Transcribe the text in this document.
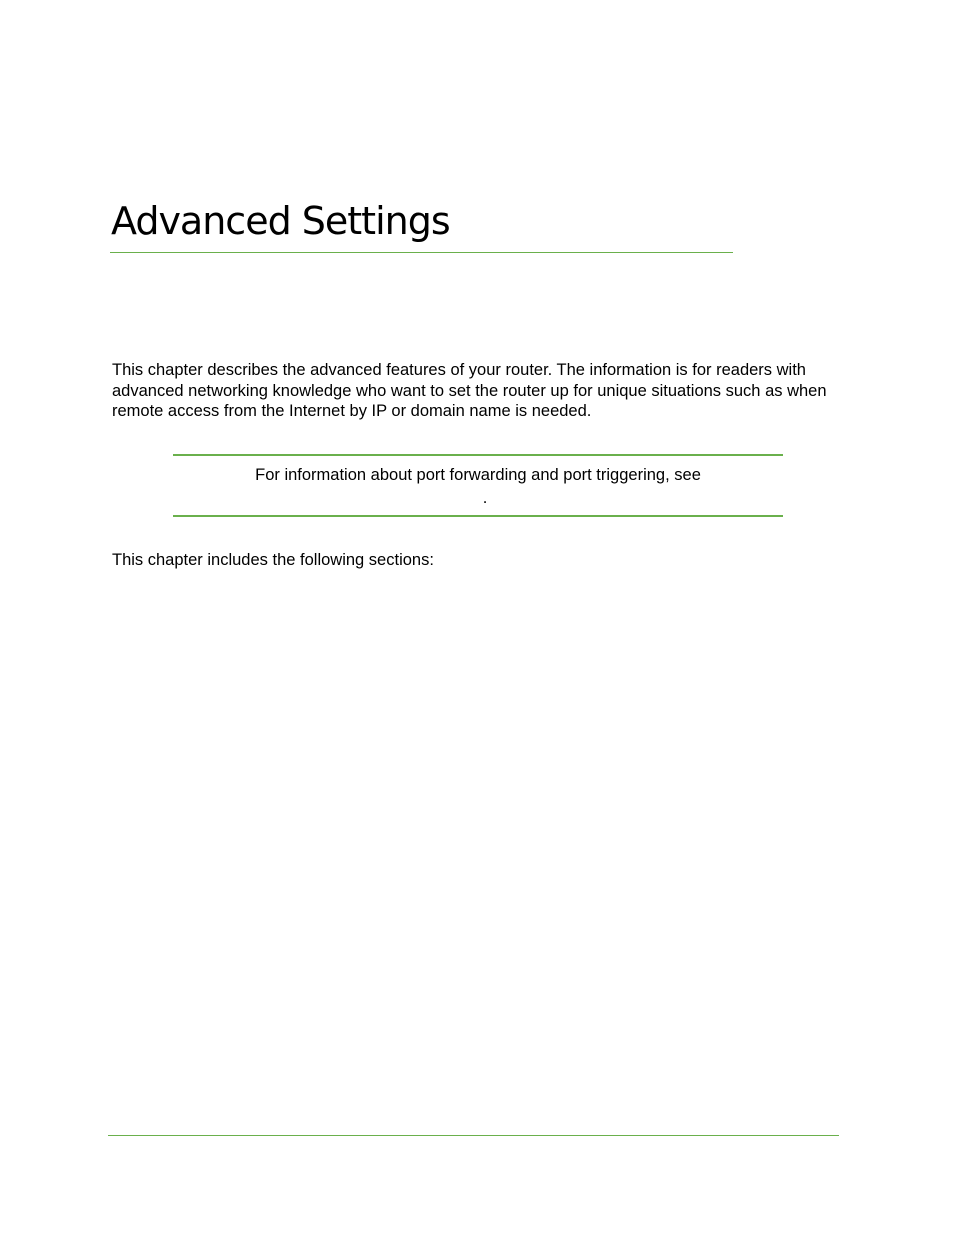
Advanced Settings

This chapter describes the advanced features of your router. The information is for readers with advanced networking knowledge who want to set the router up for unique situations such as when remote access from the Internet by IP or domain name is needed.

For information about port forwarding and port triggering, see
.

This chapter includes the following sections:
